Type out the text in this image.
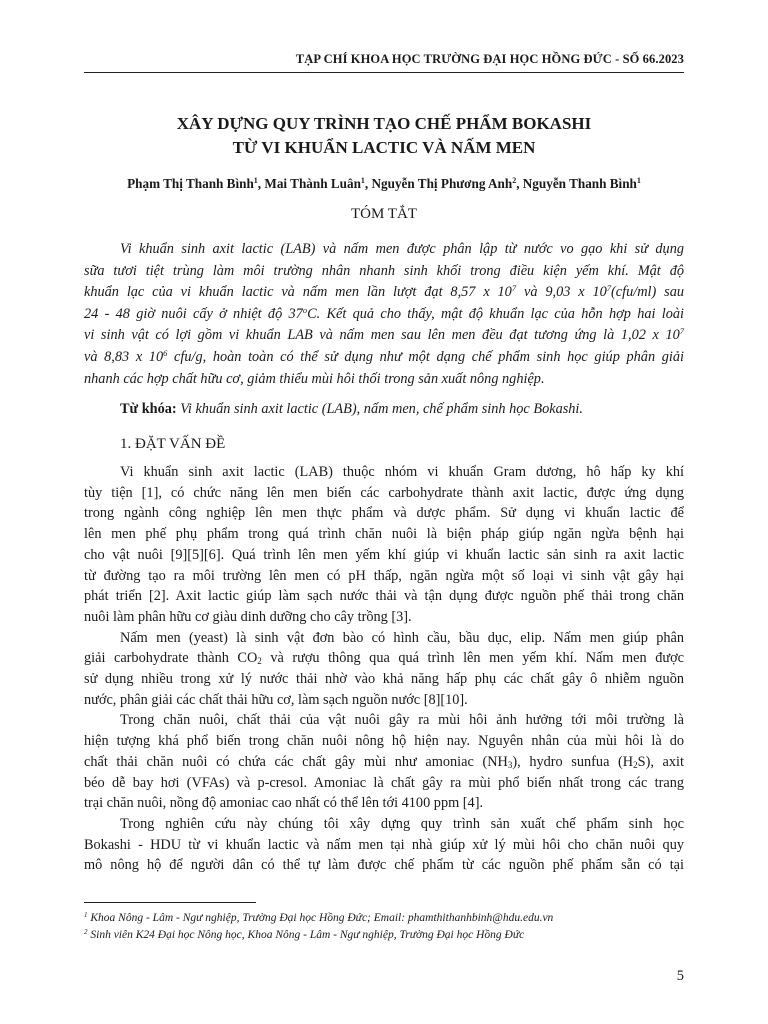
TẠP CHÍ KHOA HỌC TRƯỜNG ĐẠI HỌC HỒNG ĐỨC - SỐ 66.2023
XÂY DỰNG QUY TRÌNH TẠO CHẾ PHẨM BOKASHI
TỪ VI KHUẨN LACTIC VÀ NẤM MEN
Phạm Thị Thanh Bình$^1$, Mai Thành Luân$^1$, Nguyễn Thị Phương Anh$^2$, Nguyễn Thanh Bình$^1$
TÓM TẮT
Vi khuẩn sinh axit lactic (LAB) và nấm men được phân lập từ nước vo gạo khi sử dụng
sữa tươi tiệt trùng làm môi trường nhân nhanh sinh khối trong điều kiện yếm khí. Mật độ
khuẩn lạc của vi khuẩn lactic và nấm men lần lượt đạt 8,57 x $10^7$ và 9,03 x $10^7(cfu/ml)$ sau
24 - 48 giờ nuôi cấy ở nhiệt độ 37$^o$C. Kết quả cho thấy, mật độ khuẩn lạc của hỗn hợp hai loài
vi sinh vật có lợi gồm vi khuẩn LAB và nấm men sau lên men đều đạt tương ứng là 1,02 x $10^7$
và 8,83 x $10^6$ cfu/g, hoàn toàn có thể sử dụng như một dạng chế phẩm sinh học giúp phân giải
nhanh các hợp chất hữu cơ, giảm thiểu mùi hôi thối trong sản xuất nông nghiệp.
Từ khóa: Vi khuẩn sinh axit lactic (LAB), nấm men, chế phẩm sinh học Bokashi.
1. ĐẶT VẤN ĐỀ
Vi khuẩn sinh axit lactic (LAB) thuộc nhóm vi khuẩn Gram dương, hô hấp ky khí
tùy tiện [1], có chức năng lên men biến các carbohydrate thành axit lactic, được ứng dụng
trong ngành công nghiệp lên men thực phẩm và dược phẩm. Sử dụng vi khuẩn lactic để
lên men phế phụ phẩm trong quá trình chăn nuôi là biện pháp giúp ngăn ngừa bệnh hại
cho vật nuôi [9][5][6]. Quá trình lên men yếm khí giúp vi khuẩn lactic sản sinh ra axit lactic
từ đường tạo ra môi trường lên men có pH thấp, ngăn ngừa một số loại vi sinh vật gây hại
phát triển [2]. Axit lactic giúp làm sạch nước thải và tận dụng được nguồn phế thải trong chăn
nuôi làm phân hữu cơ giàu dinh dưỡng cho cây trồng [3].
Nấm men (yeast) là sinh vật đơn bào có hình cầu, bầu dục, elip. Nấm men giúp phân
giải carbohydrate thành $CO_2$ và rượu thông qua quá trình lên men yếm khí. Nấm men được
sử dụng nhiều trong xử lý nước thải nhờ vào khả năng hấp phụ các chất gây ô nhiễm nguồn
nước, phân giải các chất thải hữu cơ, làm sạch nguồn nước [8][10].
Trong chăn nuôi, chất thải của vật nuôi gây ra mùi hôi ảnh hưởng tới môi trường là
hiện tượng khá phổ biến trong chăn nuôi nông hộ hiện nay. Nguyên nhân của mùi hôi là do
chất thải chăn nuôi có chứa các chất gây mùi như amoniac $(NH_3)$, hydro sunfua $(H_2S)$, axit
béo dễ bay hơi (VFAs) và p-cresol. Amoniac là chất gây ra mùi phổ biến nhất trong các trang
trại chăn nuôi, nồng độ amoniac cao nhất có thể lên tới 4100 ppm [4].
Trong nghiên cứu này chúng tôi xây dựng quy trình sản xuất chế phẩm sinh học
Bokashi - HDU từ vi khuẩn lactic và nấm men tại nhà giúp xử lý mùi hôi cho chăn nuôi quy
mô nông hộ để người dân có thể tự làm được chế phẩm từ các nguồn phế phẩm sẵn có tại
$^1$ Khoa Nông - Lâm - Ngư nghiệp, Trường Đại học Hồng Đức; Email: phamthithanhbinh@hdu.edu.vn
$^2$ Sinh viên K24 Đại học Nông học, Khoa Nông - Lâm - Ngư nghiệp, Trường Đại học Hồng Đức
5
